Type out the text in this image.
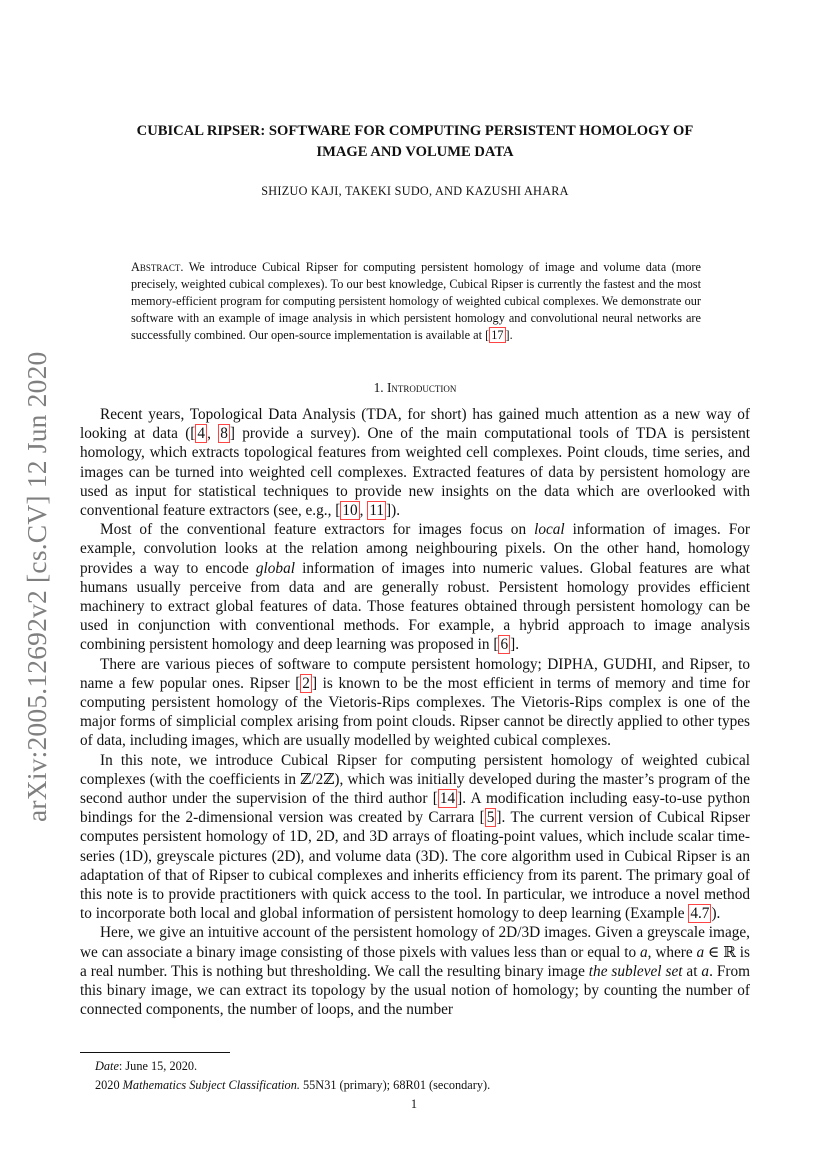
arXiv:2005.12692v2 [cs.CV] 12 Jun 2020
CUBICAL RIPSER: SOFTWARE FOR COMPUTING PERSISTENT HOMOLOGY OF
IMAGE AND VOLUME DATA
SHIZUO KAJI, TAKEKI SUDO, AND KAZUSHI AHARA
Abstract. We introduce Cubical Ripser for computing persistent homology of image and volume data (more precisely, weighted cubical complexes). To our best knowledge, Cubical Ripser is currently the fastest and the most memory-efficient program for computing persistent homology of weighted cubical complexes. We demonstrate our software with an example of image analysis in which persistent homology and convolutional neural networks are successfully combined. Our open-source implementation is available at [ 17 ].
1. Introduction

Recent years, Topological Data Analysis (TDA, for short) has gained much attention as a new way of looking at data ([ 4 , 8 ] provide a survey). One of the main computational tools of TDA is persistent homology, which extracts topological features from weighted cell complexes. Point clouds, time series, and images can be turned into weighted cell complexes. Extracted features of data by persistent homology are used as input for statistical techniques to provide new insights on the data which are overlooked with conventional feature extractors (see, e.g., [ 10 , 11 ]).

Most of the conventional feature extractors for images focus on local information of images. For example, convolution looks at the relation among neighbouring pixels. On the other hand, homology provides a way to encode global information of images into numeric values. Global features are what humans usually perceive from data and are generally robust. Persistent homology provides efficient machinery to extract global features of data. Those features obtained through persistent homology can be used in conjunction with conventional methods. For example, a hybrid approach to image analysis combining persistent homology and deep learning was proposed in [ 6 ].

There are various pieces of software to compute persistent homology; DIPHA, GUDHI, and Ripser, to name a few popular ones. Ripser [ 2 ] is known to be the most efficient in terms of memory and time for computing persistent homology of the Vietoris-Rips complexes. The Vietoris-Rips complex is one of the major forms of simplicial complex arising from point clouds. Ripser cannot be directly applied to other types of data, including images, which are usually modelled by weighted cubical complexes.

In this note, we introduce Cubical Ripser for computing persistent homology of weighted cubical complexes (with the coefficients in ℤ/2ℤ), which was initially developed during the master’s program of the second author under the supervision of the third author [ 14 ]. A modification including easy-to-use python bindings for the 2-dimensional version was created by Carrara [ 5 ]. The current version of Cubical Ripser computes persistent homology of 1D, 2D, and 3D arrays of floating-point values, which include scalar time-series (1D), greyscale pictures (2D), and volume data (3D). The core algorithm used in Cubical Ripser is an adaptation of that of Ripser to cubical complexes and inherits efficiency from its parent. The primary goal of this note is to provide practitioners with quick access to the tool. In particular, we introduce a novel method to incorporate both local and global information of persistent homology to deep learning (Example 4.7 ).

Here, we give an intuitive account of the persistent homology of 2D/3D images. Given a greyscale image, we can associate a binary image consisting of those pixels with values less than or equal to a, where a ∈ ℝ is a real number. This is nothing but thresholding. We call the resulting binary image the sublevel set at a. From this binary image, we can extract its topology by the usual notion of homology; by counting the number of connected components, the number of loops, and the number

Date: June 15, 2020.
2020 Mathematics Subject Classification. 55N31 (primary); 68R01 (secondary).
1
